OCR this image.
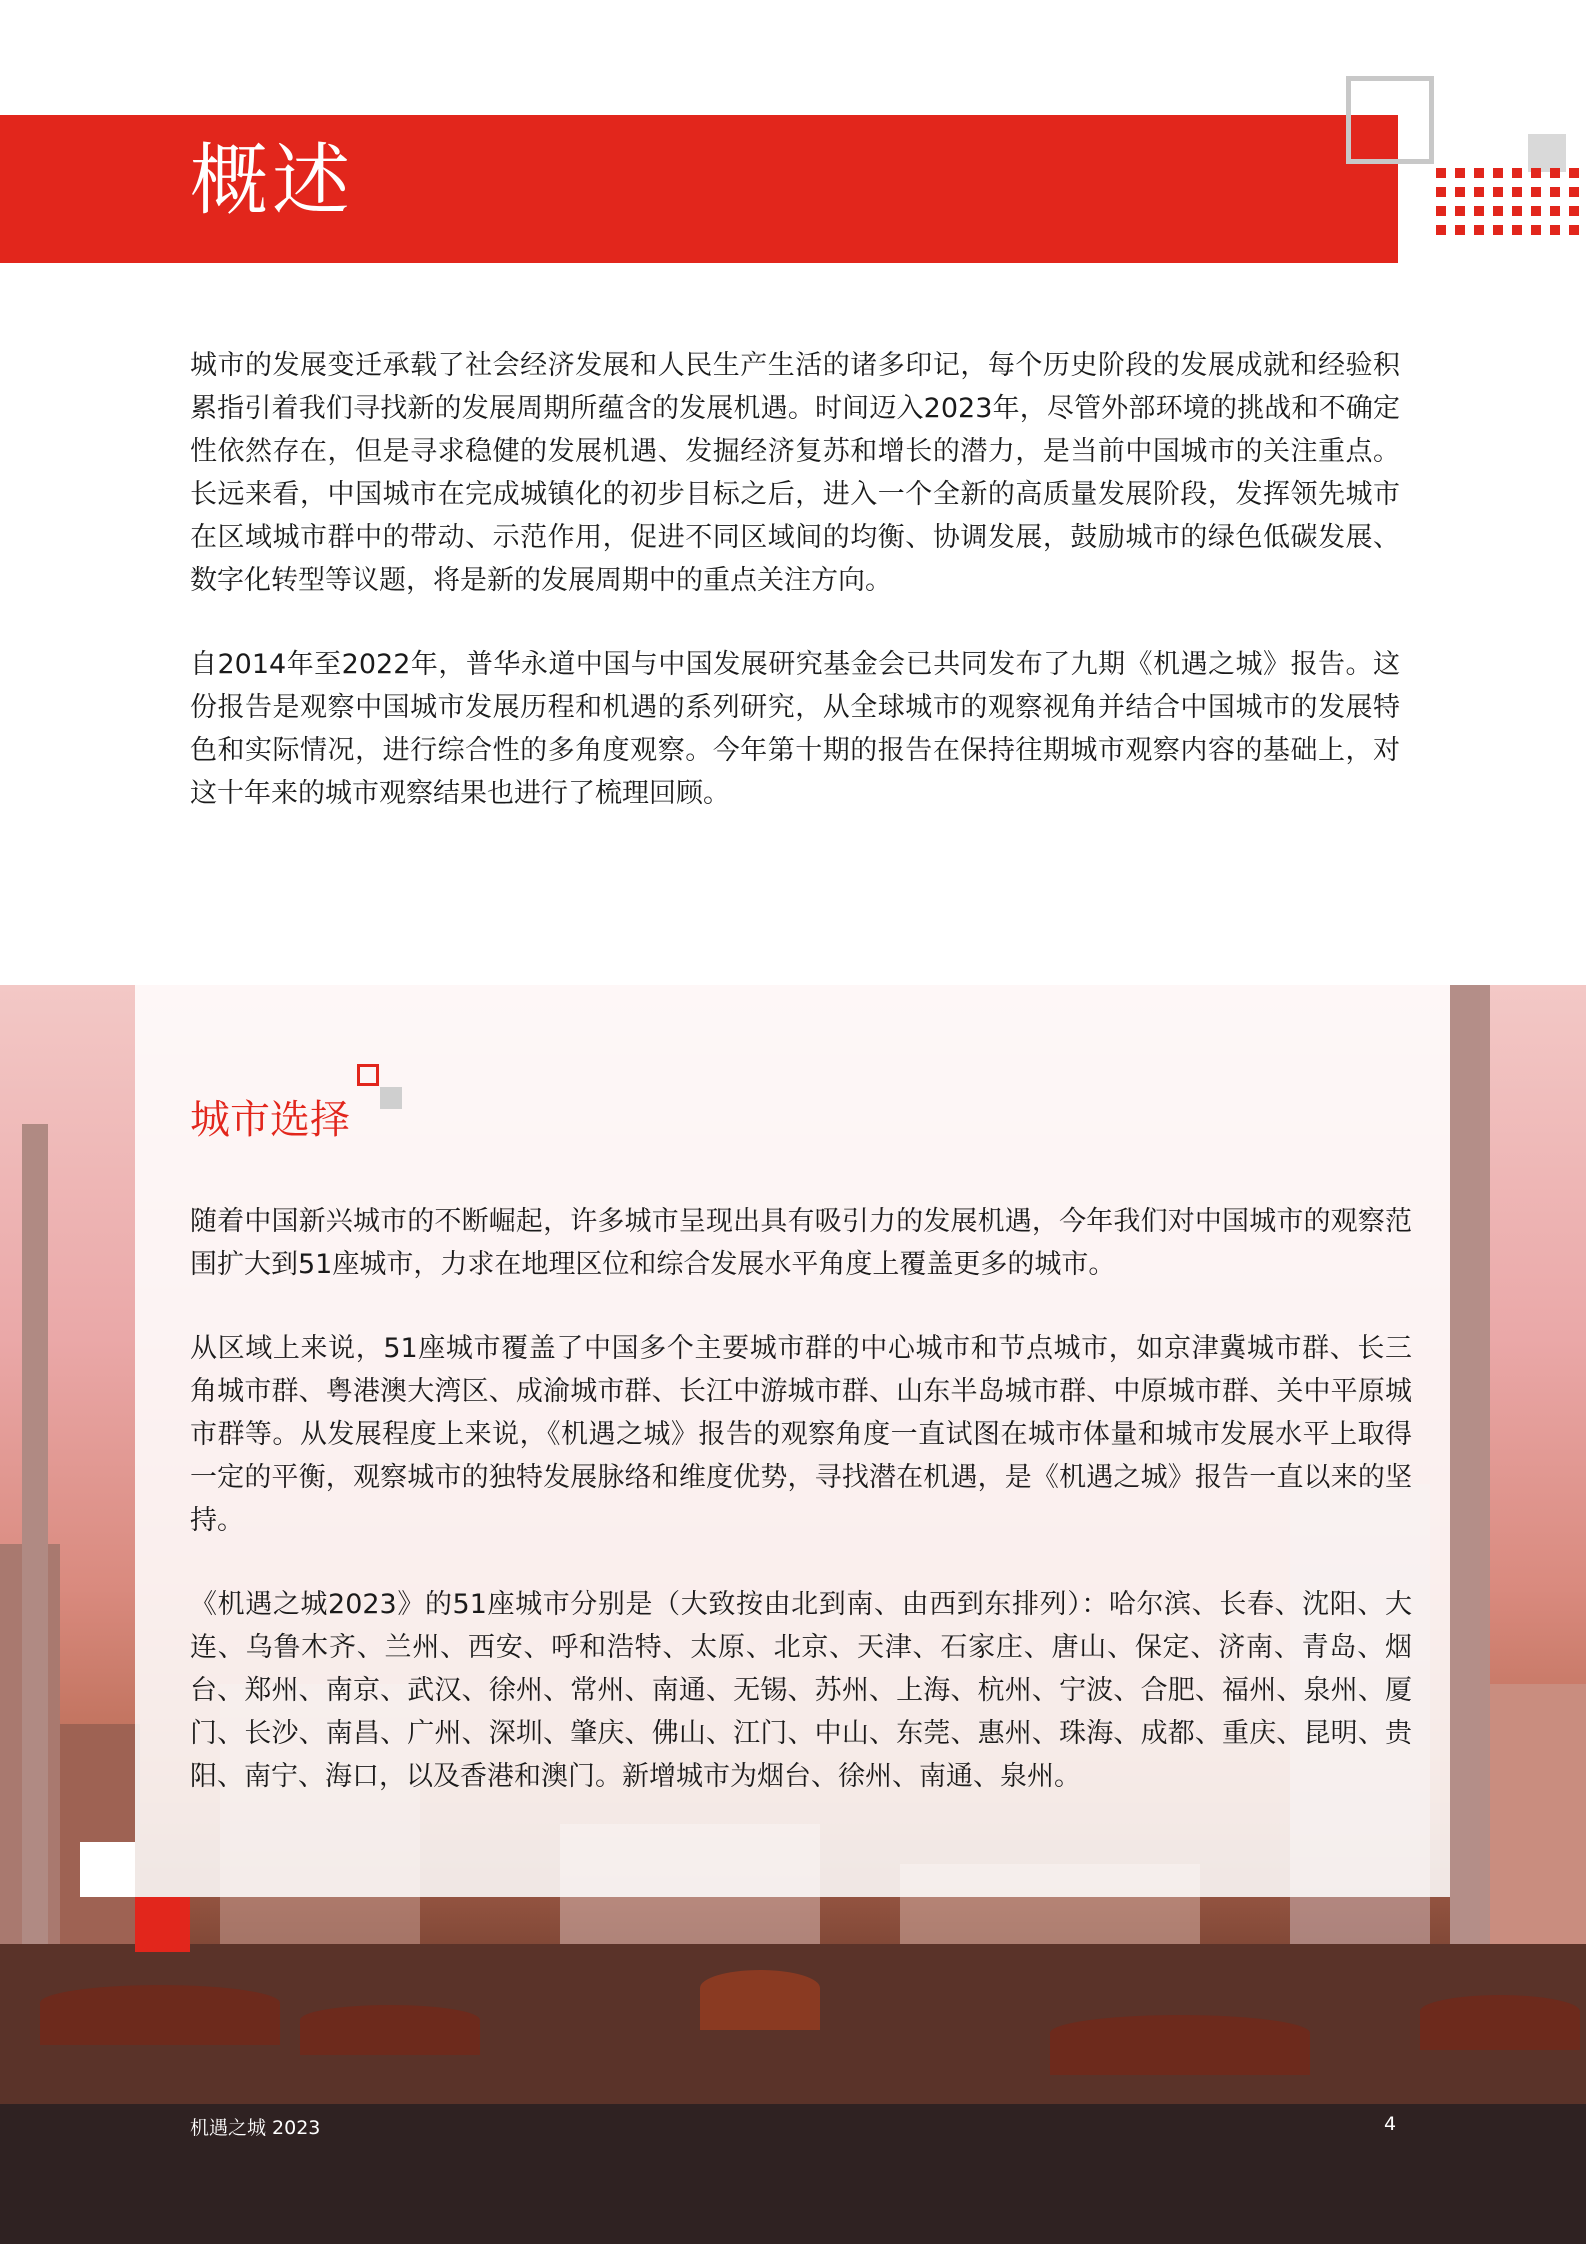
概述

城市的发展变迁承载了社会经济发展和人民生产生活的诸多印记，每个历史阶段的发展成就和经验积累指引着我们寻找新的发展周期所蕴含的发展机遇。时间迈入2023年，尽管外部环境的挑战和不确定性依然存在，但是寻求稳健的发展机遇、发掘经济复苏和增长的潜力，是当前中国城市的关注重点。长远来看，中国城市在完成城镇化的初步目标之后，进入一个全新的高质量发展阶段，发挥领先城市在区域城市群中的带动、示范作用，促进不同区域间的均衡、协调发展，鼓励城市的绿色低碳发展、数字化转型等议题，将是新的发展周期中的重点关注方向。

自2014年至2022年，普华永道中国与中国发展研究基金会已共同发布了九期《机遇之城》报告。这份报告是观察中国城市发展历程和机遇的系列研究，从全球城市的观察视角并结合中国城市的发展特色和实际情况，进行综合性的多角度观察。今年第十期的报告在保持往期城市观察内容的基础上，对这十年来的城市观察结果也进行了梳理回顾。

城市选择

随着中国新兴城市的不断崛起，许多城市呈现出具有吸引力的发展机遇，今年我们对中国城市的观察范围扩大到51座城市，力求在地理区位和综合发展水平角度上覆盖更多的城市。

从区域上来说，51座城市覆盖了中国多个主要城市群的中心城市和节点城市，如京津冀城市群、长三角城市群、粤港澳大湾区、成渝城市群、长江中游城市群、山东半岛城市群、中原城市群、关中平原城市群等。从发展程度上来说，《机遇之城》报告的观察角度一直试图在城市体量和城市发展水平上取得一定的平衡，观察城市的独特发展脉络和维度优势，寻找潜在机遇，是《机遇之城》报告一直以来的坚持。

《机遇之城2023》的51座城市分别是（大致按由北到南、由西到东排列）：哈尔滨、长春、沈阳、大连、乌鲁木齐、兰州、西安、呼和浩特、太原、北京、天津、石家庄、唐山、保定、济南、青岛、烟台、郑州、南京、武汉、徐州、常州、南通、无锡、苏州、上海、杭州、宁波、合肥、福州、泉州、厦门、长沙、南昌、广州、深圳、肇庆、佛山、江门、中山、东莞、惠州、珠海、成都、重庆、昆明、贵阳、南宁、海口，以及香港和澳门。新增城市为烟台、徐州、南通、泉州。

机遇之城 2023	4
